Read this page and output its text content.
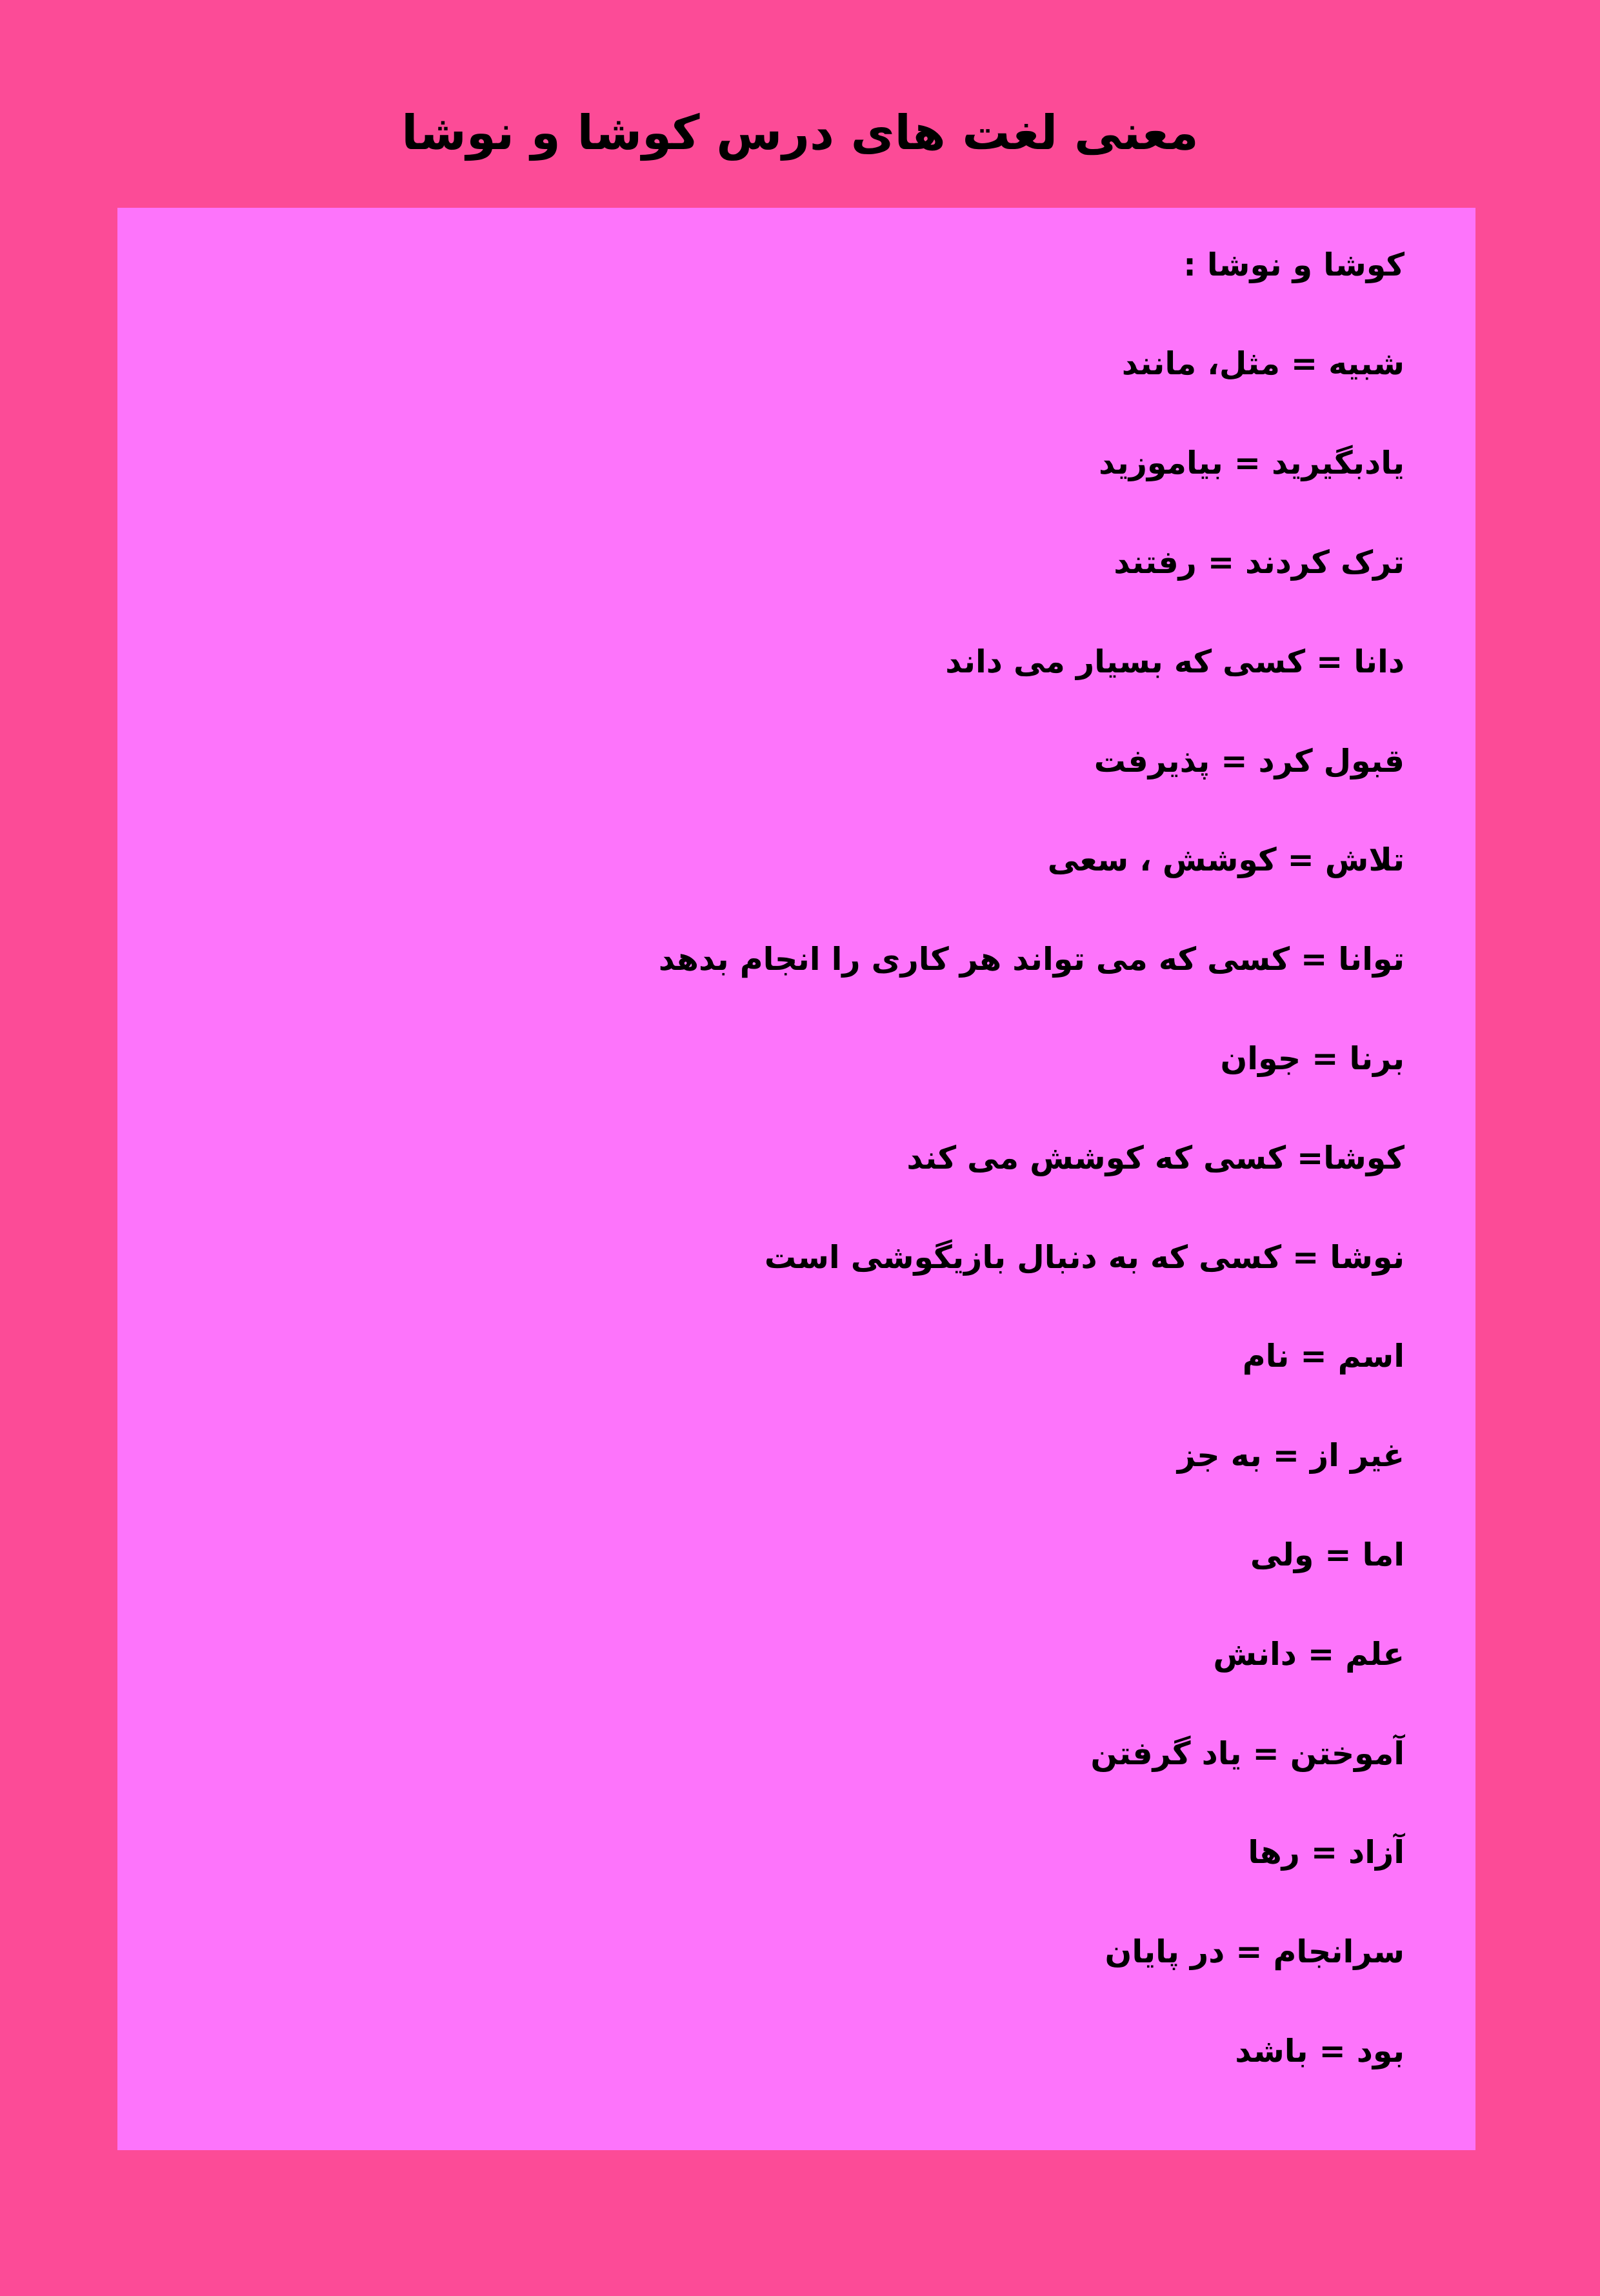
معنی لغت های درس کوشا و نوشا
کوشا و نوشا :
شبیه = مثل، مانند
یادبگیرید = بیاموزید
ترک کردند = رفتند
دانا = کسی که بسیار می داند
قبول کرد = پذیرفت
تلاش = کوشش ، سعی
توانا = کسی که می تواند هر کاری را انجام بدهد
برنا = جوان
کوشا= کسی که کوشش می کند
نوشا = کسی که به دنبال بازیگوشی است
اسم = نام
غیر از = به جز
اما = ولی
علم = دانش
آموختن = یاد گرفتن
آزاد = رها
سرانجام = در پایان
بود = باشد
